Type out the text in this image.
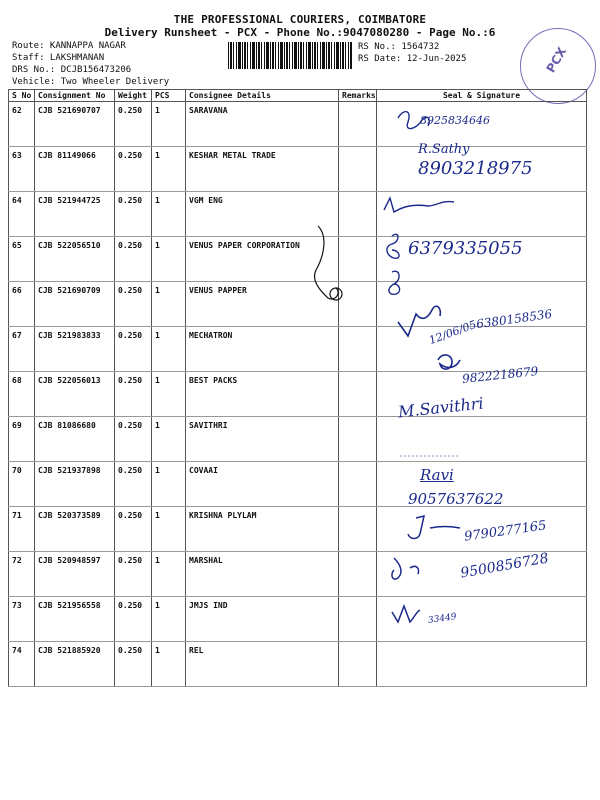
THE PROFESSIONAL COURIERS, COIMBATORE
Delivery Runsheet - PCX - Phone No.:9047080280 - Page No.:6
Route: KANNAPPA NAGAR
Staff: LAKSHMANAN
DRS No.: DCJB156473206
Vehicle: Two Wheeler Delivery
RS No.: 1564732
RS Date: 12-Jun-2025	PCX
S No	Consignment No	Weight	PCS	Consignee Details	Remarks	Seal & Signature
62	CJB 521690707	0.250	1	SARAVANA		
63	CJB 81149066	0.250	1	KESHAR METAL TRADE		
64	CJB 521944725	0.250	1	VGM ENG		
65	CJB 522056510	0.250	1	VENUS PAPER CORPORATION		
66	CJB 521690709	0.250	1	VENUS PAPPER		
67	CJB 521983833	0.250	1	MECHATRON		
68	CJB 522056013	0.250	1	BEST PACKS		
69	CJB 81086680	0.250	1	SAVITHRI		
70	CJB 521937898	0.250	1	COVAAI		
71	CJB 520373589	0.250	1	KRISHNA PLYLAM		
72	CJB 520948597	0.250	1	MARSHAL		
73	CJB 521956558	0.250	1	JMJS IND		
74	CJB 521885920	0.250	1	REL		
8925834646
R.Sathy
8903218975
6379335055
12/06/05
6380158536
9822218679
M.Savithri
Ravi
9057637622
9790277165
9500856728
33449
